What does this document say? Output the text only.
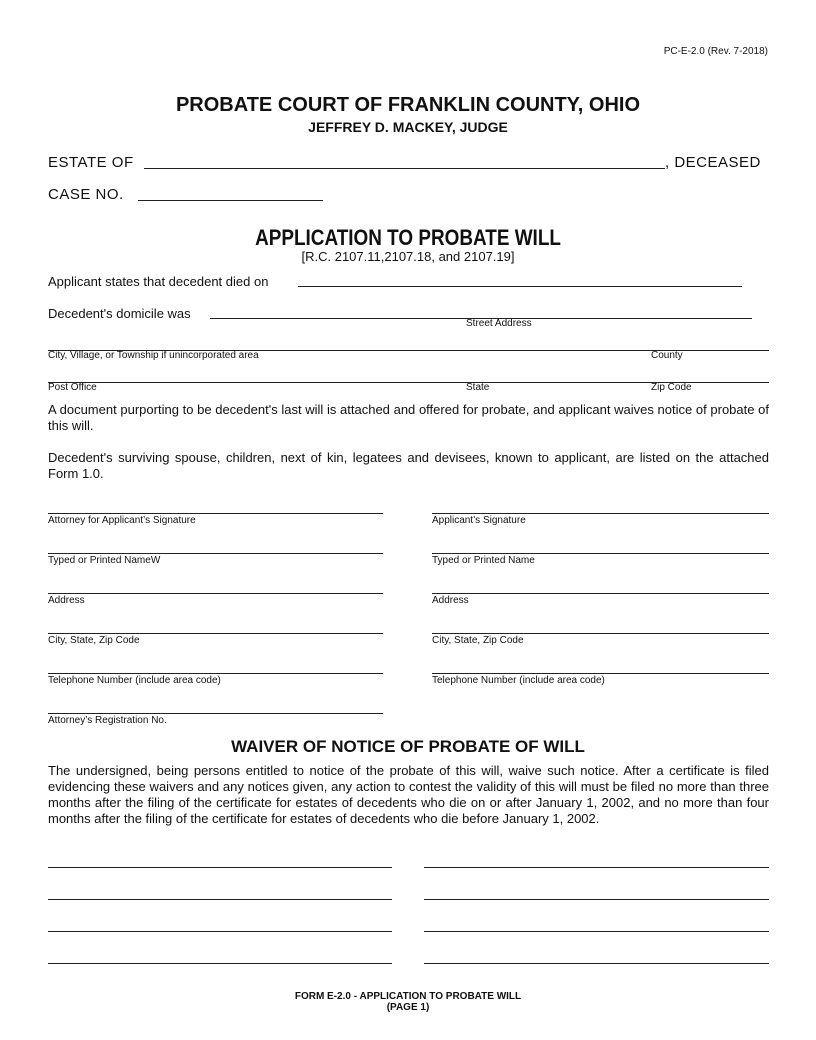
PC-E-2.0 (Rev. 7-2018)
PROBATE COURT OF FRANKLIN COUNTY, OHIO
JEFFREY D. MACKEY, JUDGE
ESTATE OF	, DECEASED
CASE NO.
APPLICATION TO PROBATE WILL
[R.C. 2107.11,2107.18, and 2107.19]
Applicant states that decedent died on
Decedent's domicile was
Street Address
City, Village, or Township if unincorporated area	County
Post Office	State	Zip Code
A document purporting to be decedent's last will is attached and offered for probate, and applicant waives notice of probate of this will.
Decedent's surviving spouse, children, next of kin, legatees and devisees, known to applicant, are listed on the attached Form 1.0.
Attorney for Applicant’s Signature
Typed or Printed NameW
Address
City, State, Zip Code
Telephone Number (include area code)
Attorney’s Registration No.
Applicant’s Signature
Typed or Printed Name
Address
City, State, Zip Code
Telephone Number (include area code)
WAIVER OF NOTICE OF PROBATE OF WILL
The undersigned, being persons entitled to notice of the probate of this will, waive such notice. After a certificate is filed evidencing these waivers and any notices given, any action to contest the validity of this will must be filed no more than three months after the filing of the certificate for estates of decedents who die on or after January 1, 2002, and no more than four months after the filing of the certificate for estates of decedents who die before January 1, 2002.
FORM E-2.0 - APPLICATION TO PROBATE WILL
(PAGE 1)
